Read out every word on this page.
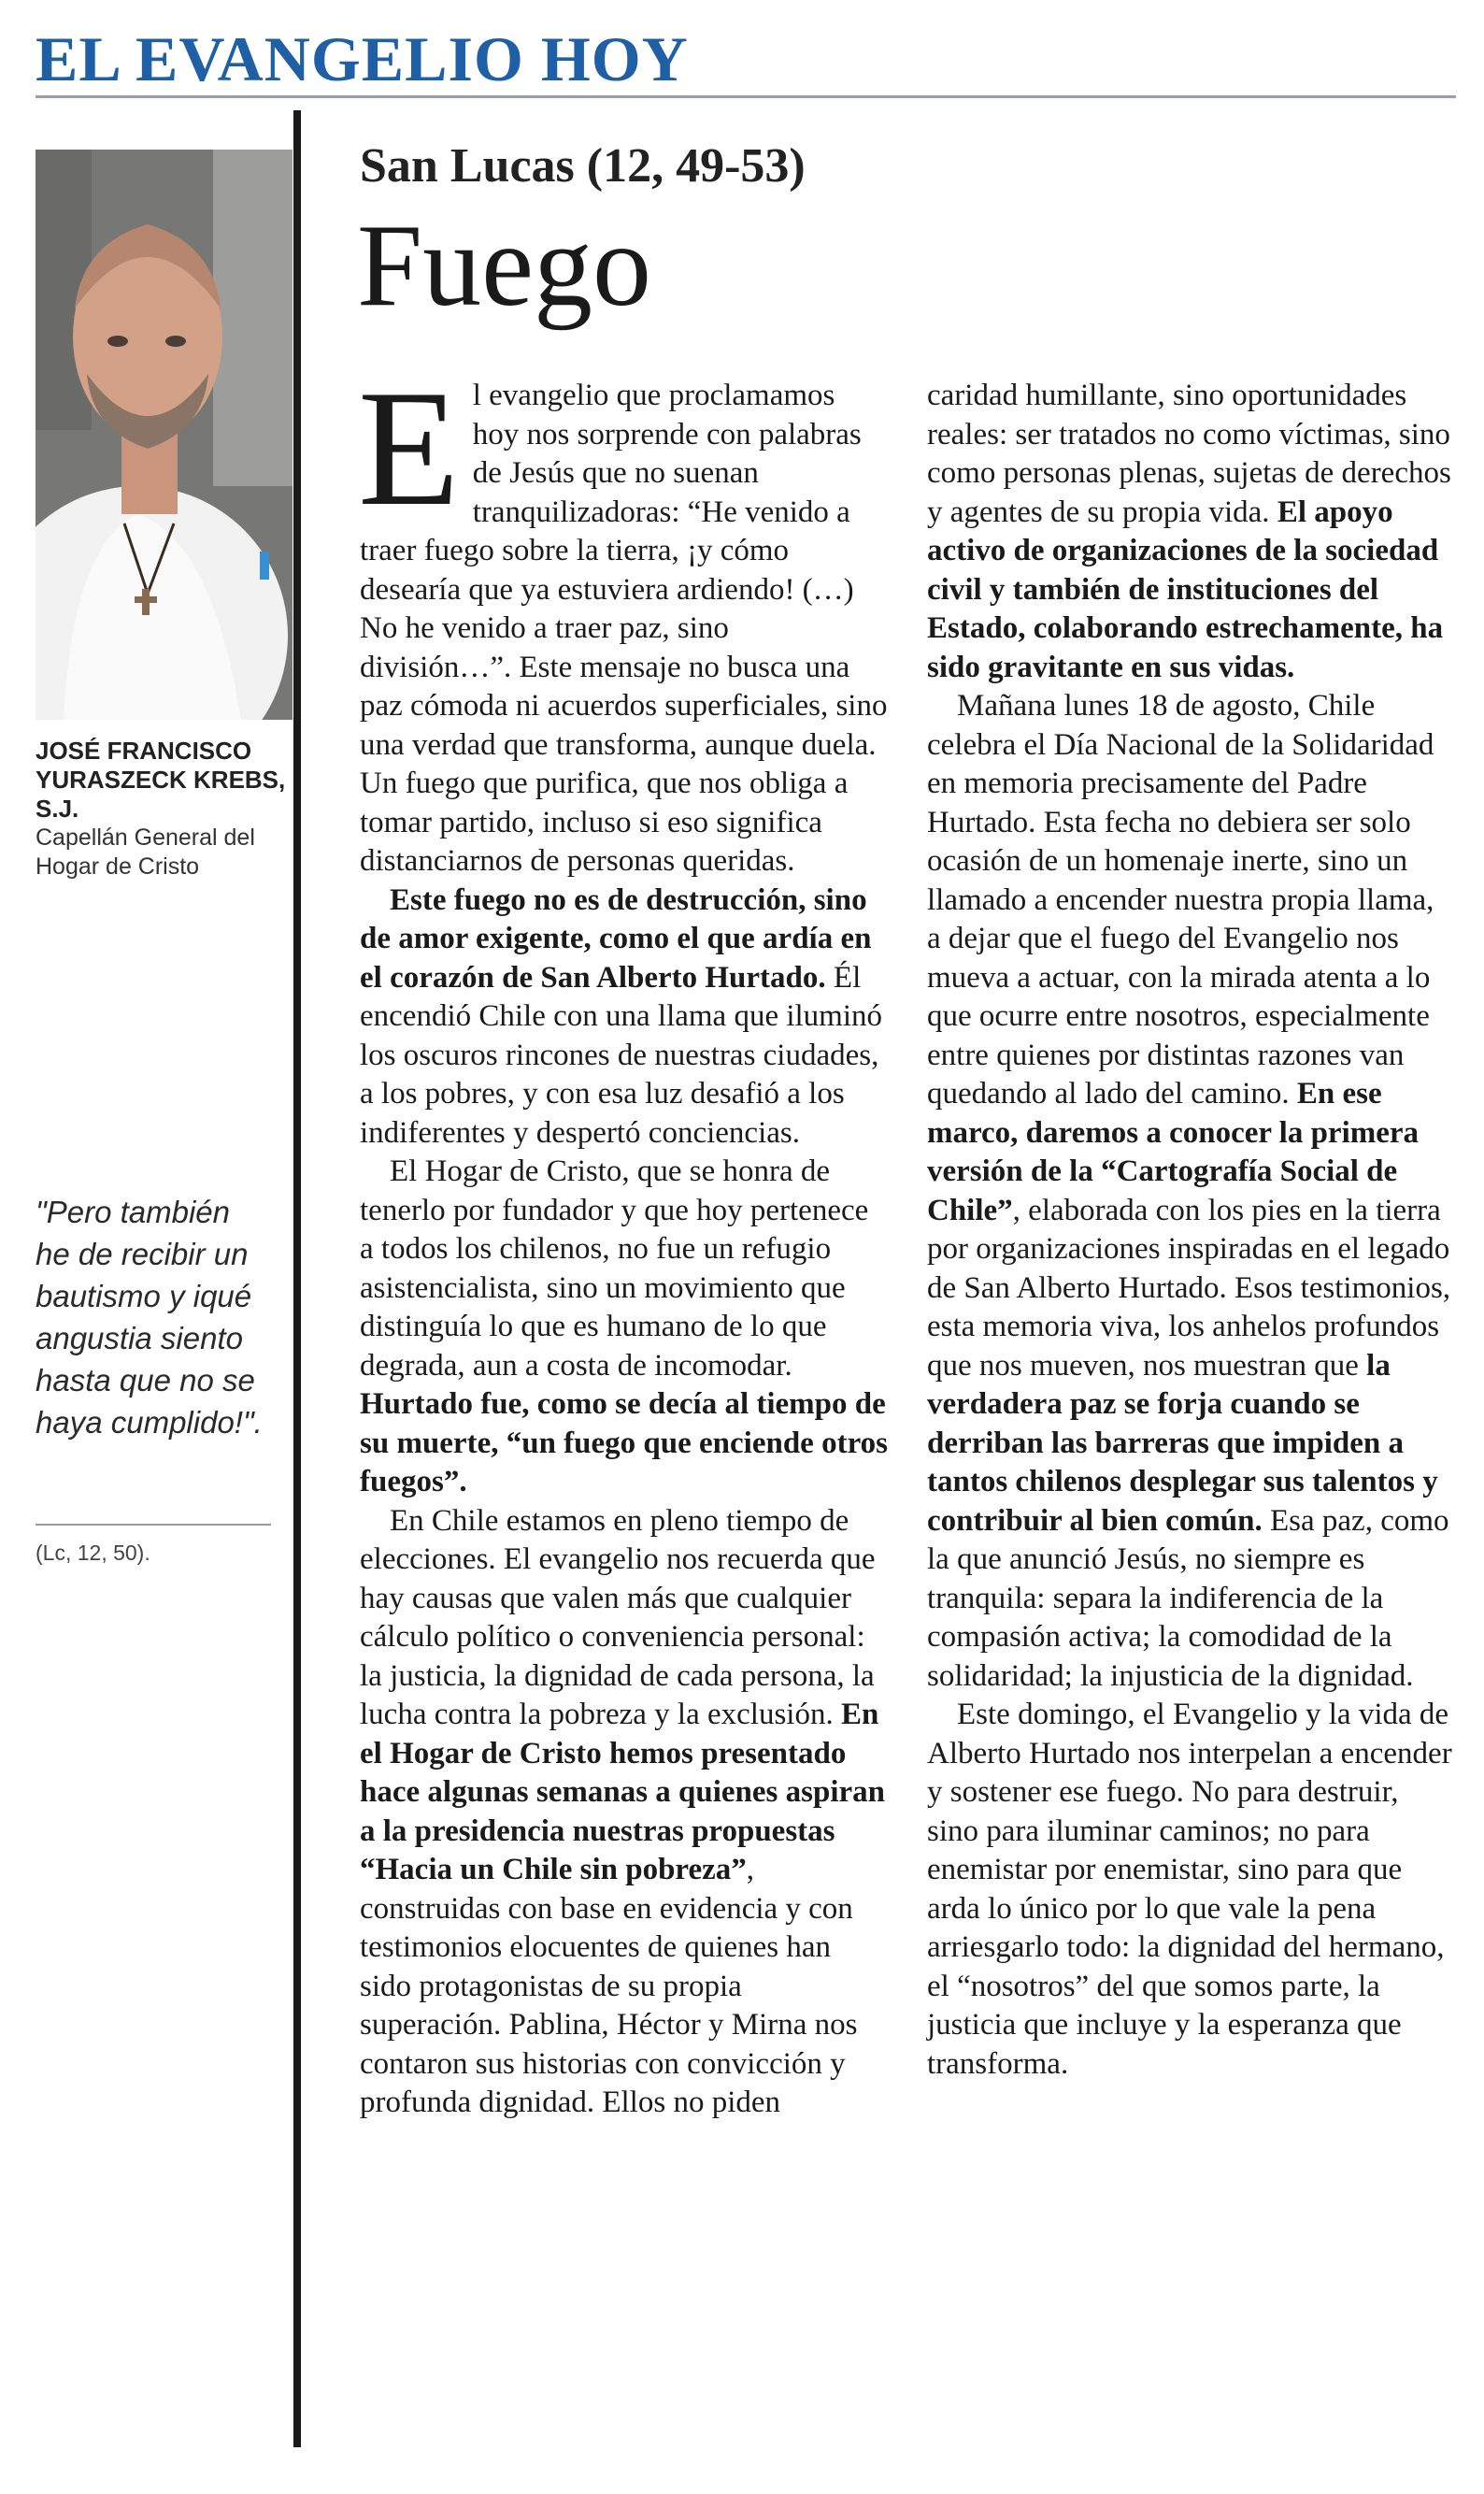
EL EVANGELIO HOY
JOSÉ FRANCISCO YURASZECK KREBS, S.J.
Capellán General del Hogar de Cristo
"Pero también he de recibir un bautismo y iqué angustia siento hasta que no se haya cumplido!".
(Lc, 12, 50).
San Lucas (12, 49-53)
Fuego

El evangelio que proclamamos hoy nos sorprende con palabras de Jesús que no suenan tranquilizadoras: “He venido a traer fuego sobre la tierra, ¡y cómo desearía que ya estuviera ardiendo! (…) No he venido a traer paz, sino división…”. Este mensaje no busca una paz cómoda ni acuerdos superficiales, sino una verdad que transforma, aunque duela. Un fuego que purifica, que nos obliga a tomar partido, incluso si eso significa distanciarnos de personas queridas.

Este fuego no es de destrucción, sino de amor exigente, como el que ardía en el corazón de San Alberto Hurtado. Él encendió Chile con una llama que iluminó los oscuros rincones de nuestras ciudades, a los pobres, y con esa luz desafió a los indiferentes y despertó conciencias.

El Hogar de Cristo, que se honra de tenerlo por fundador y que hoy pertenece a todos los chilenos, no fue un refugio asistencialista, sino un movimiento que distinguía lo que es humano de lo que degrada, aun a costa de incomodar. Hurtado fue, como se decía al tiempo de su muerte, “un fuego que enciende otros fuegos”.

En Chile estamos en pleno tiempo de elecciones. El evangelio nos recuerda que hay causas que valen más que cualquier cálculo político o conveniencia personal: la justicia, la dignidad de cada persona, la lucha contra la pobreza y la exclusión. En el Hogar de Cristo hemos presentado hace algunas semanas a quienes aspiran a la presidencia nuestras propuestas “Hacia un Chile sin pobreza”, construidas con base en evidencia y con testimonios elocuentes de quienes han sido protagonistas de su propia superación. Pablina, Héctor y Mirna nos contaron sus historias con convicción y profunda dignidad. Ellos no piden

caridad humillante, sino oportunidades reales: ser tratados no como víctimas, sino como personas plenas, sujetas de derechos y agentes de su propia vida. El apoyo activo de organizaciones de la sociedad civil y también de instituciones del Estado, colaborando estrechamente, ha sido gravitante en sus vidas.

Mañana lunes 18 de agosto, Chile celebra el Día Nacional de la Solidaridad en memoria precisamente del Padre Hurtado. Esta fecha no debiera ser solo ocasión de un homenaje inerte, sino un llamado a encender nuestra propia llama, a dejar que el fuego del Evangelio nos mueva a actuar, con la mirada atenta a lo que ocurre entre nosotros, especialmente entre quienes por distintas razones van quedando al lado del camino. En ese marco, daremos a conocer la primera versión de la “Cartografía Social de Chile”, elaborada con los pies en la tierra por organizaciones inspiradas en el legado de San Alberto Hurtado. Esos testimonios, esta memoria viva, los anhelos profundos que nos mueven, nos muestran que la verdadera paz se forja cuando se derriban las barreras que impiden a tantos chilenos desplegar sus talentos y contribuir al bien común. Esa paz, como la que anunció Jesús, no siempre es tranquila: separa la indiferencia de la compasión activa; la comodidad de la solidaridad; la injusticia de la dignidad.

Este domingo, el Evangelio y la vida de Alberto Hurtado nos interpelan a encender y sostener ese fuego. No para destruir, sino para iluminar caminos; no para enemistar por enemistar, sino para que arda lo único por lo que vale la pena arriesgarlo todo: la dignidad del hermano, el “nosotros” del que somos parte, la justicia que incluye y la esperanza que transforma.
